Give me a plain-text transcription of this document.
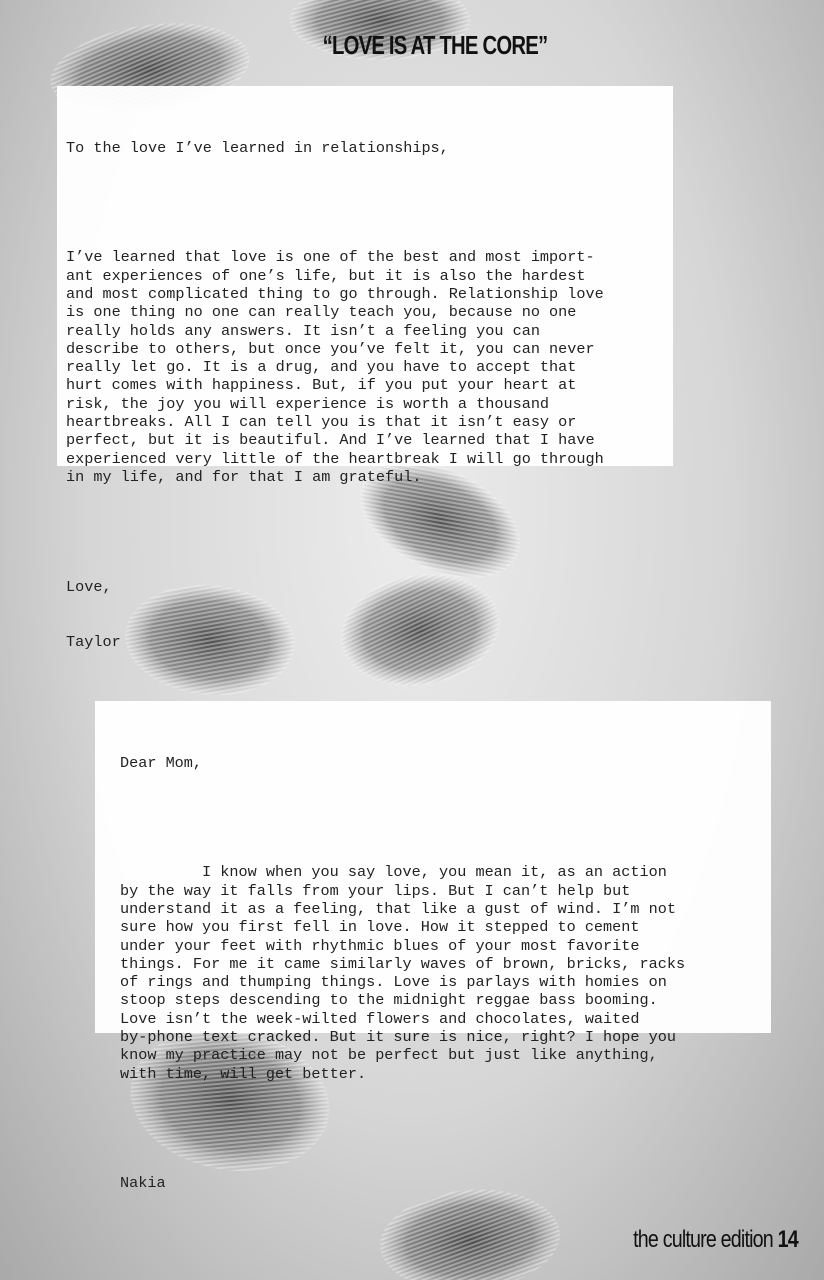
“LOVE IS AT THE CORE”

To the love I’ve learned in relationships,

I’ve learned that love is one of the best and most import-
ant experiences of one’s life, but it is also the hardest
and most complicated thing to go through. Relationship love
is one thing no one can really teach you, because no one
really holds any answers. It isn’t a feeling you can
describe to others, but once you’ve felt it, you can never
really let go. It is a drug, and you have to accept that
hurt comes with happiness. But, if you put your heart at
risk, the joy you will experience is worth a thousand
heartbreaks. All I can tell you is that it isn’t easy or
perfect, but it is beautiful. And I’ve learned that I have
experienced very little of the heartbreak I will go through
in my life, and for that I am grateful.

Love,

Taylor

Dear Mom,

I know when you say love, you mean it, as an action
by the way it falls from your lips. But I can’t help but
understand it as a feeling, that like a gust of wind. I’m not
sure how you first fell in love. How it stepped to cement
under your feet with rhythmic blues of your most favorite
things. For me it came similarly waves of brown, bricks, racks
of rings and thumping things. Love is parlays with homies on
stoop steps descending to the midnight reggae bass booming.
Love isn’t the week-wilted flowers and chocolates, waited
by-phone text cracked. But it sure is nice, right? I hope you
know my practice may not be perfect but just like anything,
with time, will get better.

Nakia

the culture edition 14
